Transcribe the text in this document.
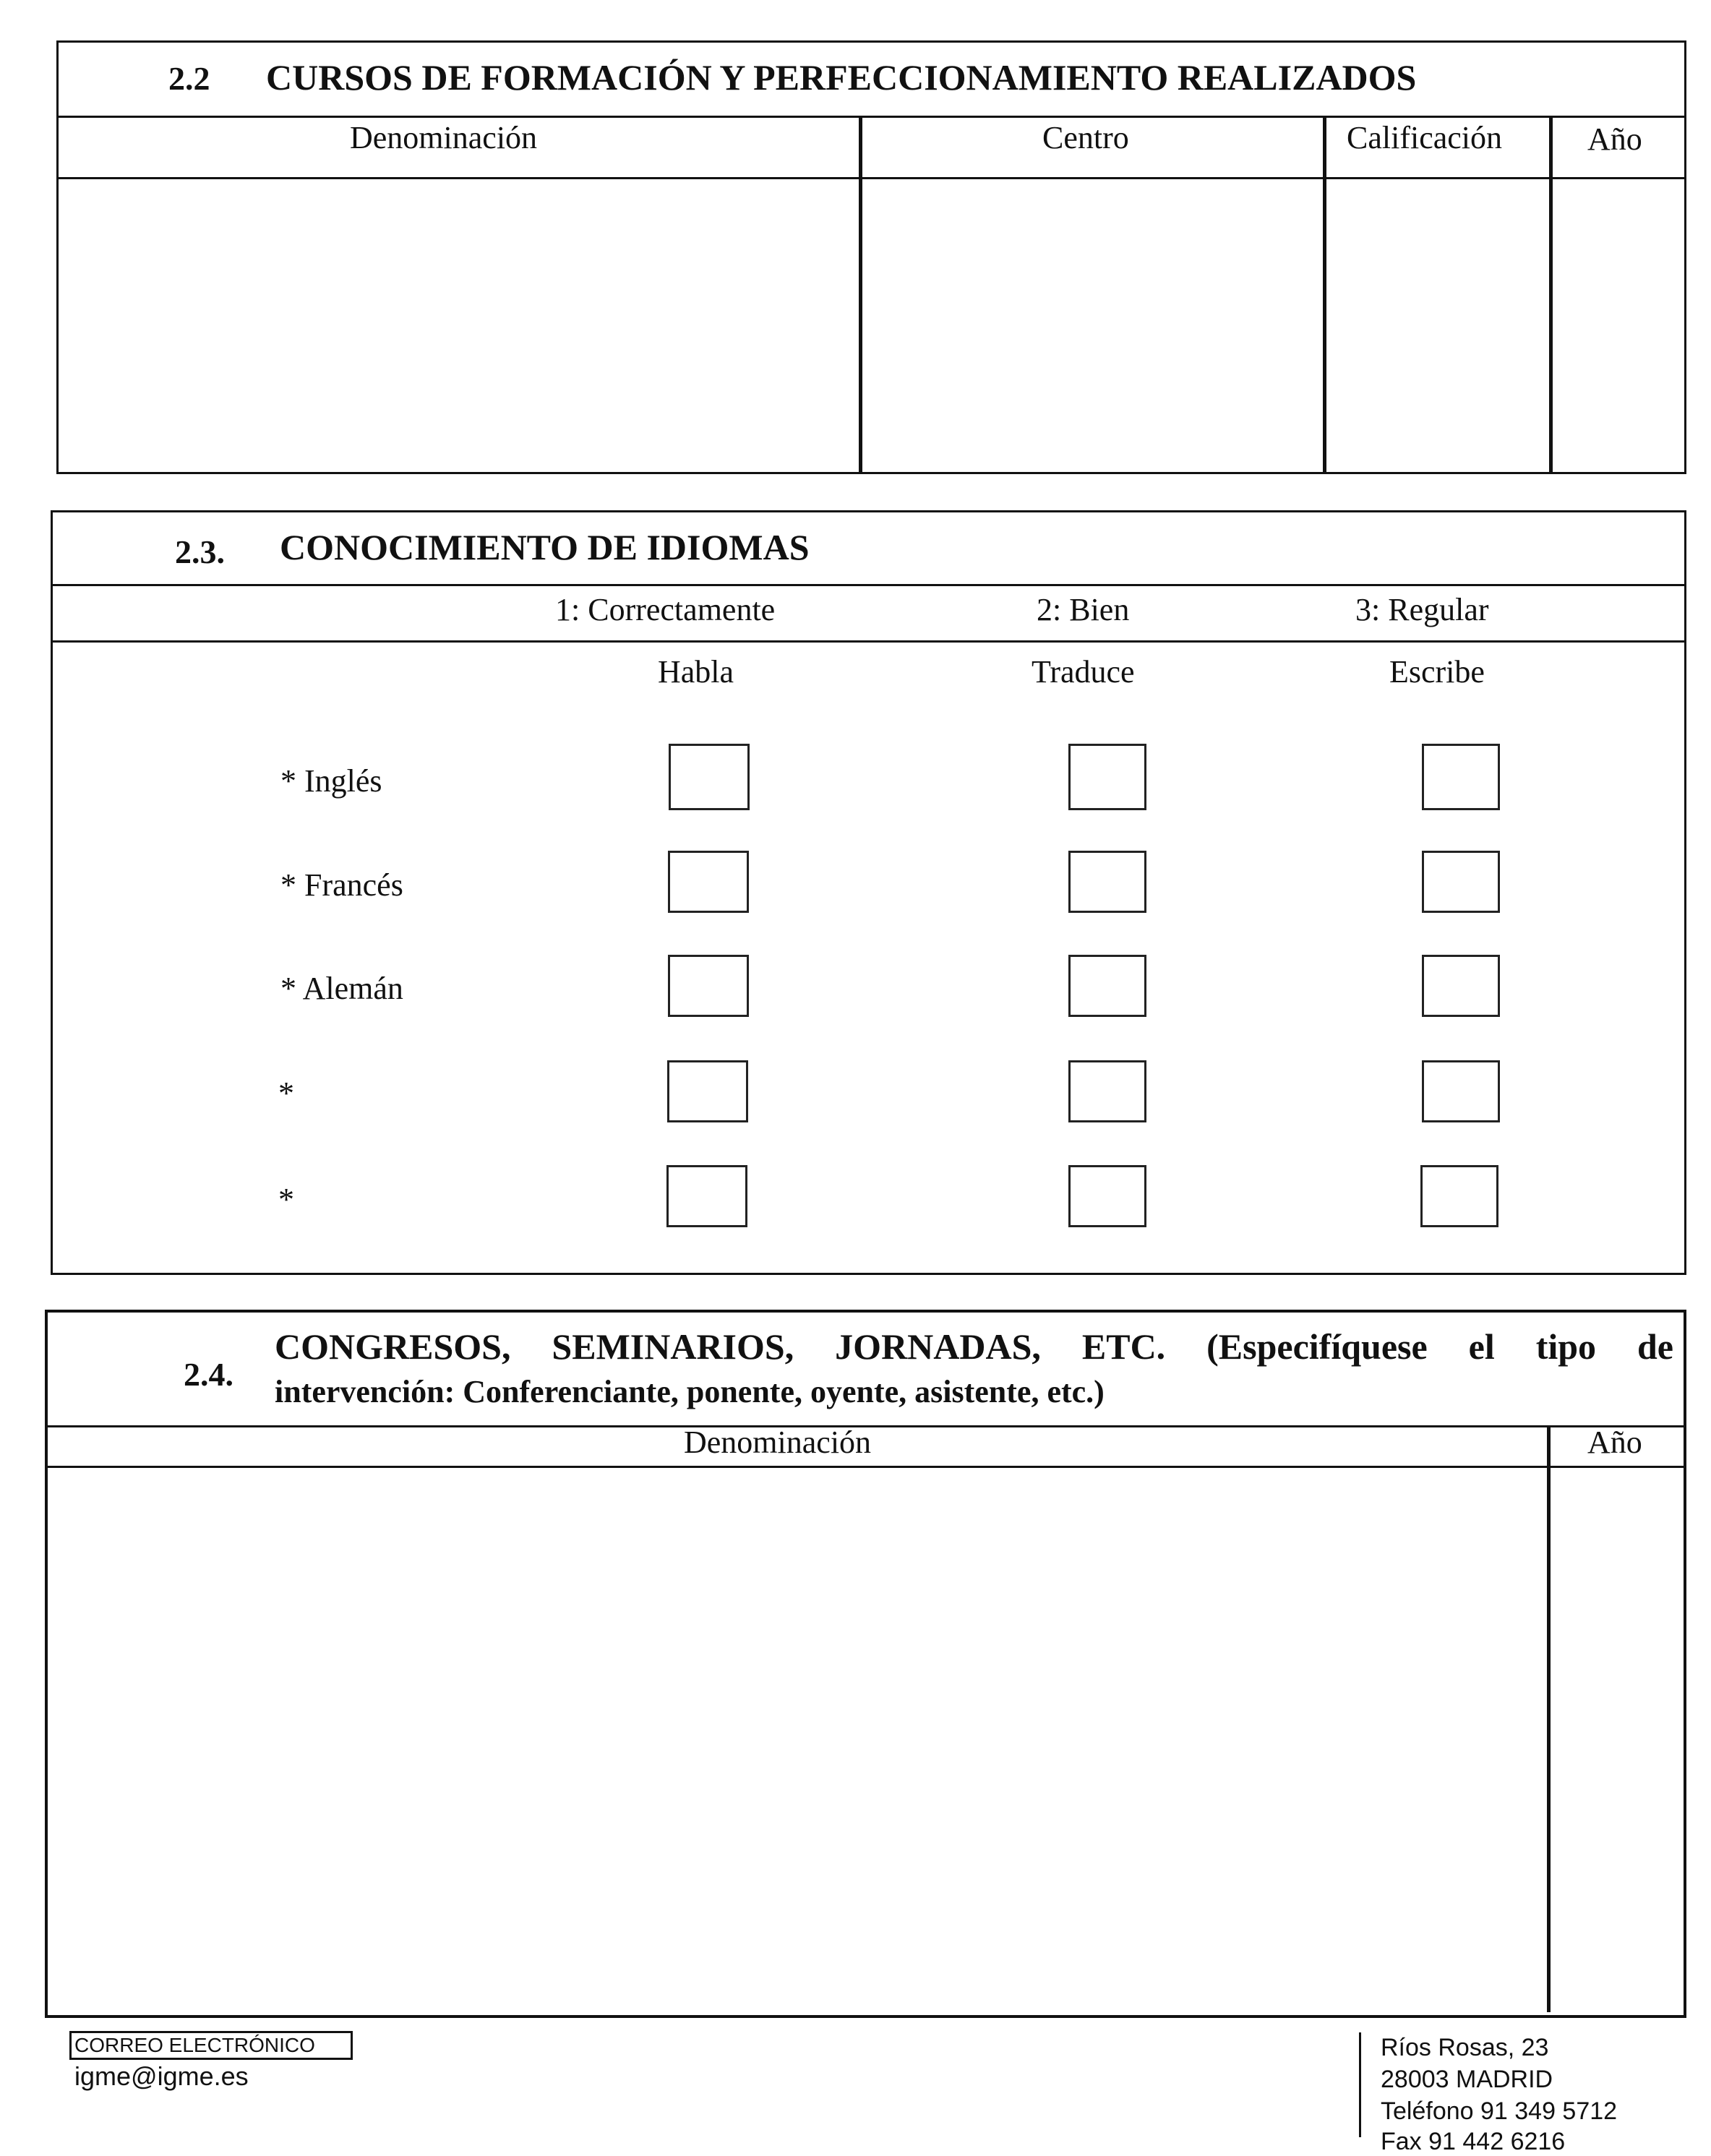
2.2 CURSOS DE FORMACIÓN Y PERFECCIONAMIENTO REALIZADOS
Denominación	Centro	Calificación	Año
2.3. CONOCIMIENTO DE IDIOMAS
1: Correctamente	2: Bien	3: Regular
Habla	Traduce	Escribe
* Inglés
* Francés
* Alemán
*
*
2.4.
CONGRESOS, SEMINARIOS, JORNADAS, ETC. (Especifíquese el tipo de
intervención: Conferenciante, ponente, oyente, asistente, etc.)
Denominación	Año
CORREO ELECTRÓNICO
igme@igme.es
Ríos Rosas, 23
28003 MADRID
Teléfono 91 349 5712
Fax 91 442 6216
